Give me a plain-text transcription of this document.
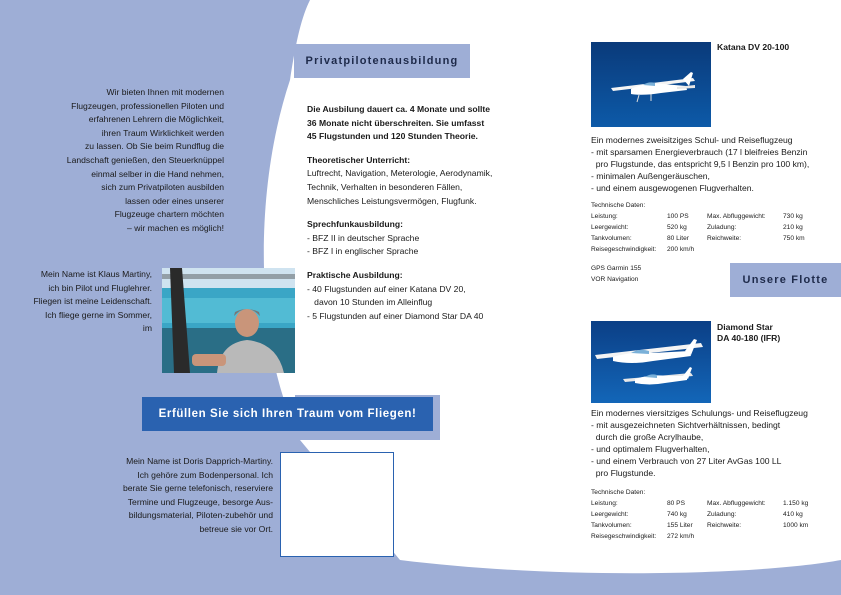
Wir bieten Ihnen mit modernen

Flugzeugen, professionellen Piloten und

erfahrenen Lehrern die Möglichkeit,

ihren Traum Wirklichkeit werden

zu lassen. Ob Sie beim Rundflug die

Landschaft genießen, den Steuerknüppel

einmal selber in die Hand nehmen,

sich zum Privatpiloten ausbilden

lassen oder eines unserer

Flugzeuge chartern möchten

– wir machen es möglich!

Mein Name ist Klaus Martiny,

ich bin Pilot und Fluglehrer.

Fliegen ist meine Leidenschaft.

Ich fliege gerne im Sommer,

im

Erfüllen Sie sich Ihren Traum vom Fliegen!

Mein Name ist Doris Dapprich-Martiny.

Ich gehöre zum Bodenpersonal. Ich

berate Sie gerne telefonisch, reserviere

Termine und Flugzeuge, besorge Aus-

bildungsmaterial, Piloten-zubehör und

betreue sie vor Ort.

Privatpilotenausbildung
Unsere Flotte
Die Ausbilung dauert ca. 4 Monate und sollte
36 Monate nicht überschreiten. Sie umfasst
45 Flugstunden und 120 Stunden Theorie.
Theoretischer Unterricht:
Luftrecht, Navigation, Meterologie, Aerodynamik,
Technik, Verhalten in besonderen Fällen,
Menschliches Leistungsvermögen, Flugfunk.
Sprechfunkausbildung:
- BFZ II in deutscher Sprache
- BFZ I in englischer Sprache
Praktische Ausbildung:
- 40 Flugstunden auf einer Katana DV 20,
davon 10 Stunden im Alleinflug
- 5 Flugstunden auf einer Diamond Star DA 40
Katana DV 20-100
Ein modernes zweisitziges Schul- und Reiseflugzeug
- mit sparsamen Energieverbrauch (17 l bleifreies Benzin
pro Flugstunde, das entspricht 9,5 l Benzin pro 100 km),
- minimalen Außengeräuschen,
- und einem ausgewogenen Flugverhalten.
Technische Daten:
Leistung:	100 PS	Max. Abfluggewicht:	730 kg
Leergewicht:	520 kg	Zuladung:	210 kg
Tankvolumen:	80 Liter	Reichweite:	750 km
Reisegeschwindigkeit:	200 km/h
GPS Garmin 155
VOR Navigation
Diamond Star
DA 40-180 (IFR)
Ein modernes viersitziges Schulungs- und Reiseflugzeug
- mit ausgezeichneten Sichtverhältnissen, bedingt
durch die große Acrylhaube,
- und optimalem Flugverhalten,
- und einem Verbrauch von 27 Liter AvGas 100 LL
pro Flugstunde.
Technische Daten:
Leistung:	80 PS	Max. Abfluggewicht:	1.150 kg
Leergewicht:	740 kg	Zuladung:	410 kg
Tankvolumen:	155 Liter	Reichweite:	1000 km
Reisegeschwindigkeit:	272 km/h
